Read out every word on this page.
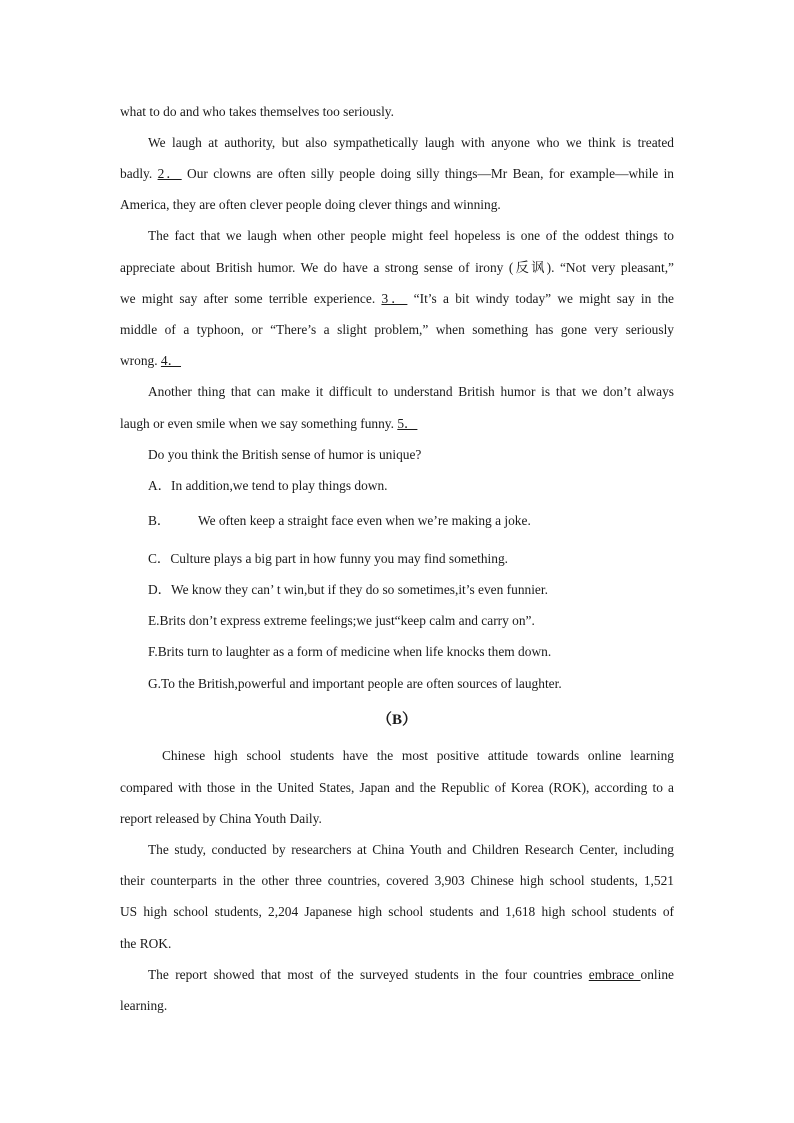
what to do and who takes themselves too seriously.
We laugh at authority, but also sympathetically laugh with anyone who we think is treated
badly. 2． Our clowns are often silly people doing silly things—Mr Bean, for example—while in
America, they are often clever people doing clever things and winning.
The fact that we laugh when other people might feel hopeless is one of the oddest things to
appreciate about British humor. We do have a strong sense of irony (反讽). “Not very pleasant,”
we might say after some terrible experience. 3． “It’s a bit windy today” we might say in the
middle of a typhoon, or “There’s a slight problem,” when something has gone very seriously
wrong. 4．
Another thing that can make it difficult to understand British humor is that we don’t always
laugh or even smile when we say something funny. 5．
Do you think the British sense of humor is unique?
A．In addition,we tend to play things down.
B． We often keep a straight face even when we’re making a joke.
C．Culture plays a big part in how funny you may find something.
D．We know they can’ t win,but if they do so sometimes,it’s even funnier.
E.Brits don’t express extreme feelings;we just“keep calm and carry on”.
F.Brits turn to laughter as a form of medicine when life knocks them down.
G.To the British,powerful and important people are often sources of laughter.
（B）
Chinese high school students have the most positive attitude towards online learning
compared with those in the United States, Japan and the Republic of Korea (ROK), according to a
report released by China Youth Daily.
The study, conducted by researchers at China Youth and Children Research Center, including
their counterparts in the other three countries, covered 3,903 Chinese high school students, 1,521
US high school students, 2,204 Japanese high school students and 1,618 high school students of
the ROK.
The report showed that most of the surveyed students in the four countries embrace online
learning.
